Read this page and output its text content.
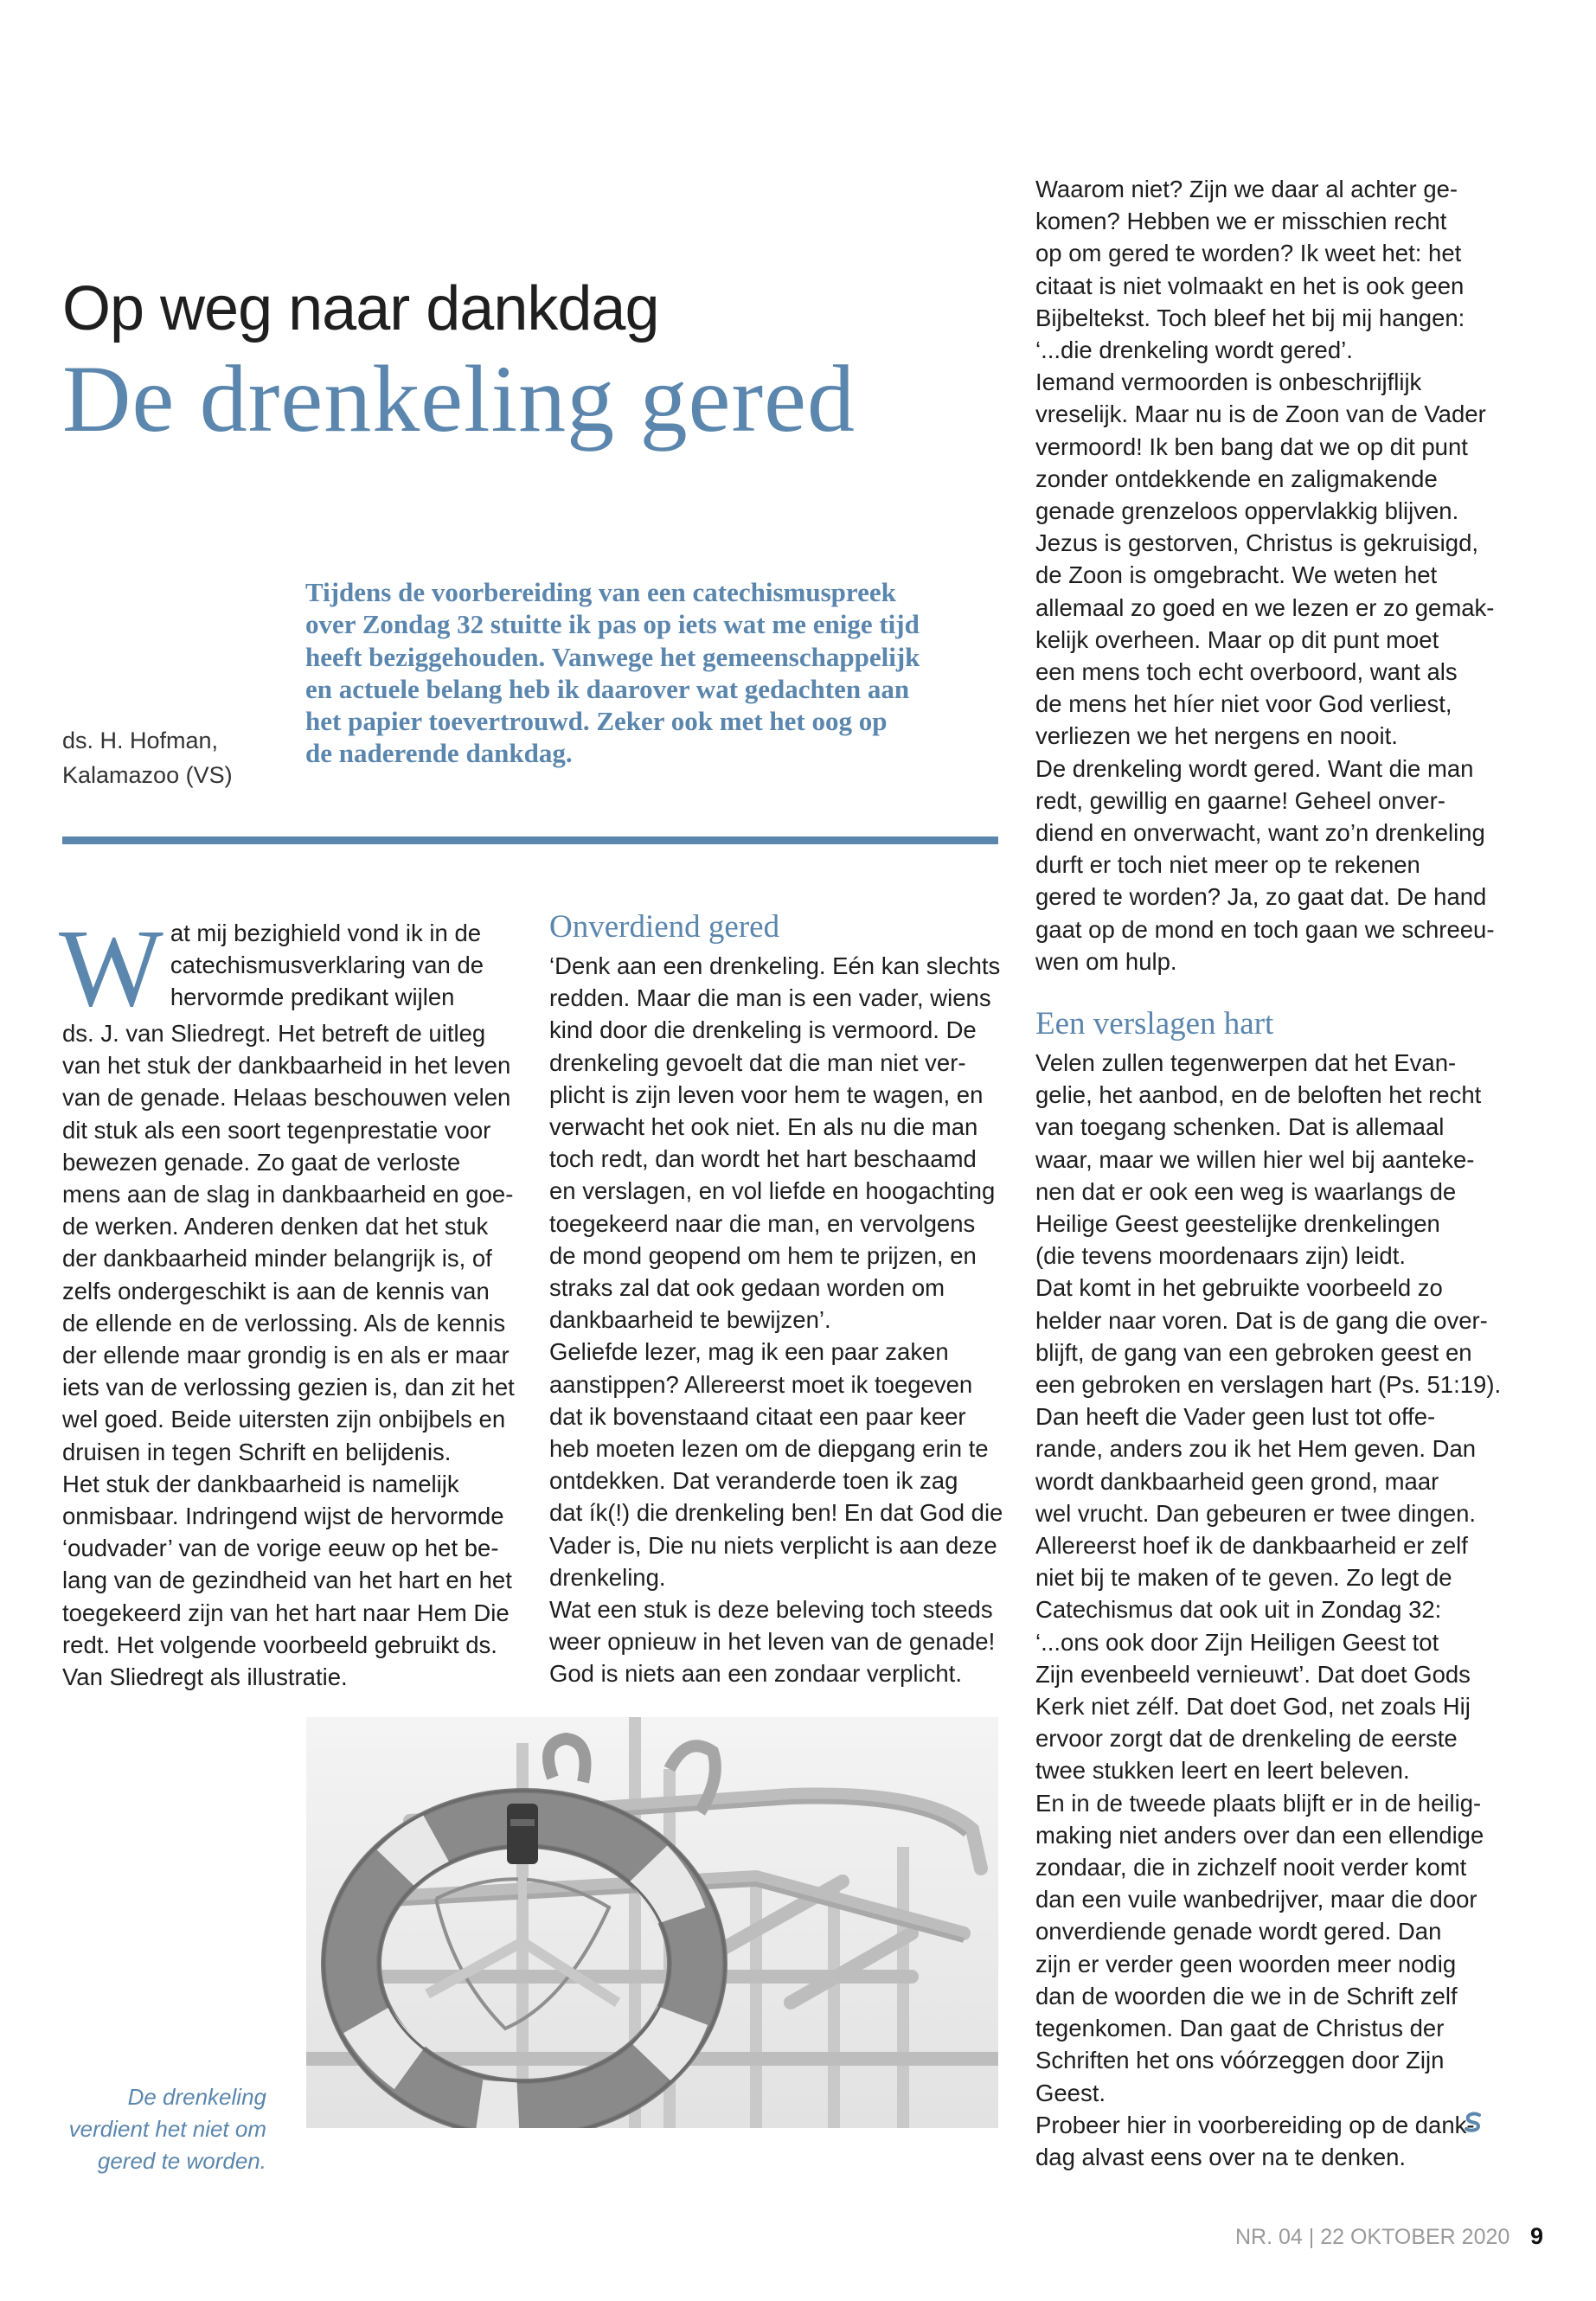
Op weg naar dankdag
De drenkeling gered
ds. H. Hofman,
Kalamazoo (VS)
Tijdens de voorbereiding van een catechismuspreek
over Zondag 32 stuitte ik pas op iets wat me enige tijd
heeft beziggehouden. Vanwege het gemeenschappelijk
en actuele belang heb ik daarover wat gedachten aan
het papier toevertrouwd. Zeker ook met het oog op
de naderende dankdag.
W at mij bezighield vond ik in de
catechismusverklaring van de
hervormde predikant wijlen
ds. J. van Sliedregt. Het betreft de uitleg
van het stuk der dankbaarheid in het leven
van de genade. Helaas beschouwen velen
dit stuk als een soort tegenprestatie voor
bewezen genade. Zo gaat de verloste
mens aan de slag in dankbaarheid en goe-
de werken. Anderen denken dat het stuk
der dankbaarheid minder belangrijk is, of
zelfs ondergeschikt is aan de kennis van
de ellende en de verlossing. Als de kennis
der ellende maar grondig is en als er maar
iets van de verlossing gezien is, dan zit het
wel goed. Beide uitersten zijn onbijbels en
druisen in tegen Schrift en belijdenis.
Het stuk der dankbaarheid is namelijk
onmisbaar. Indringend wijst de hervormde
‘oudvader’ van de vorige eeuw op het be-
lang van de gezindheid van het hart en het
toegekeerd zijn van het hart naar Hem Die
redt. Het volgende voorbeeld gebruikt ds.
Van Sliedregt als illustratie.
Onverdiend gered
‘Denk aan een drenkeling. Eén kan slechts
redden. Maar die man is een vader, wiens
kind door die drenkeling is vermoord. De
drenkeling gevoelt dat die man niet ver-
plicht is zijn leven voor hem te wagen, en
verwacht het ook niet. En als nu die man
toch redt, dan wordt het hart beschaamd
en verslagen, en vol liefde en hoogachting
toegekeerd naar die man, en vervolgens
de mond geopend om hem te prijzen, en
straks zal dat ook gedaan worden om
dankbaarheid te bewijzen’.
Geliefde lezer, mag ik een paar zaken
aanstippen? Allereerst moet ik toegeven
dat ik bovenstaand citaat een paar keer
heb moeten lezen om de diepgang erin te
ontdekken. Dat veranderde toen ik zag
dat ík(!) die drenkeling ben! En dat God die
Vader is, Die nu niets verplicht is aan deze
drenkeling.
Wat een stuk is deze beleving toch steeds
weer opnieuw in het leven van de genade!
God is niets aan een zondaar verplicht.
Waarom niet? Zijn we daar al achter ge-
komen? Hebben we er misschien recht
op om gered te worden? Ik weet het: het
citaat is niet volmaakt en het is ook geen
Bijbeltekst. Toch bleef het bij mij hangen:
‘...die drenkeling wordt gered’.
Iemand vermoorden is onbeschrijflijk
vreselijk. Maar nu is de Zoon van de Vader
vermoord! Ik ben bang dat we op dit punt
zonder ontdekkende en zaligmakende
genade grenzeloos oppervlakkig blijven.
Jezus is gestorven, Christus is gekruisigd,
de Zoon is omgebracht. We weten het
allemaal zo goed en we lezen er zo gemak-
kelijk overheen. Maar op dit punt moet
een mens toch echt overboord, want als
de mens het híer niet voor God verliest,
verliezen we het nergens en nooit.
De drenkeling wordt gered. Want die man
redt, gewillig en gaarne! Geheel onver-
diend en onverwacht, want zo’n drenkeling
durft er toch niet meer op te rekenen
gered te worden? Ja, zo gaat dat. De hand
gaat op de mond en toch gaan we schreeu-
wen om hulp.
Een verslagen hart
Velen zullen tegenwerpen dat het Evan-
gelie, het aanbod, en de beloften het recht
van toegang schenken. Dat is allemaal
waar, maar we willen hier wel bij aanteke-
nen dat er ook een weg is waarlangs de
Heilige Geest geestelijke drenkelingen
(die tevens moordenaars zijn) leidt.
Dat komt in het gebruikte voorbeeld zo
helder naar voren. Dat is de gang die over-
blijft, de gang van een gebroken geest en
een gebroken en verslagen hart (Ps. 51:19).
Dan heeft die Vader geen lust tot offe-
rande, anders zou ik het Hem geven. Dan
wordt dankbaarheid geen grond, maar
wel vrucht. Dan gebeuren er twee dingen.
Allereerst hoef ik de dankbaarheid er zelf
niet bij te maken of te geven. Zo legt de
Catechismus dat ook uit in Zondag 32:
‘...ons ook door Zijn Heiligen Geest tot
Zijn evenbeeld vernieuwt’. Dat doet Gods
Kerk niet zélf. Dat doet God, net zoals Hij
ervoor zorgt dat de drenkeling de eerste
twee stukken leert en leert beleven.
En in de tweede plaats blijft er in de heilig-
making niet anders over dan een ellendige
zondaar, die in zichzelf nooit verder komt
dan een vuile wanbedrijver, maar die door
onverdiende genade wordt gered. Dan
zijn er verder geen woorden meer nodig
dan de woorden die we in de Schrift zelf
tegenkomen. Dan gaat de Christus der
Schriften het ons vóórzeggen door Zijn
Geest.
Probeer hier in voorbereiding op de dank-
dag alvast eens over na te denken.
De drenkeling
verdient het niet om
gered te worden.
NR. 04 | 22 OKTOBER 2020 9
